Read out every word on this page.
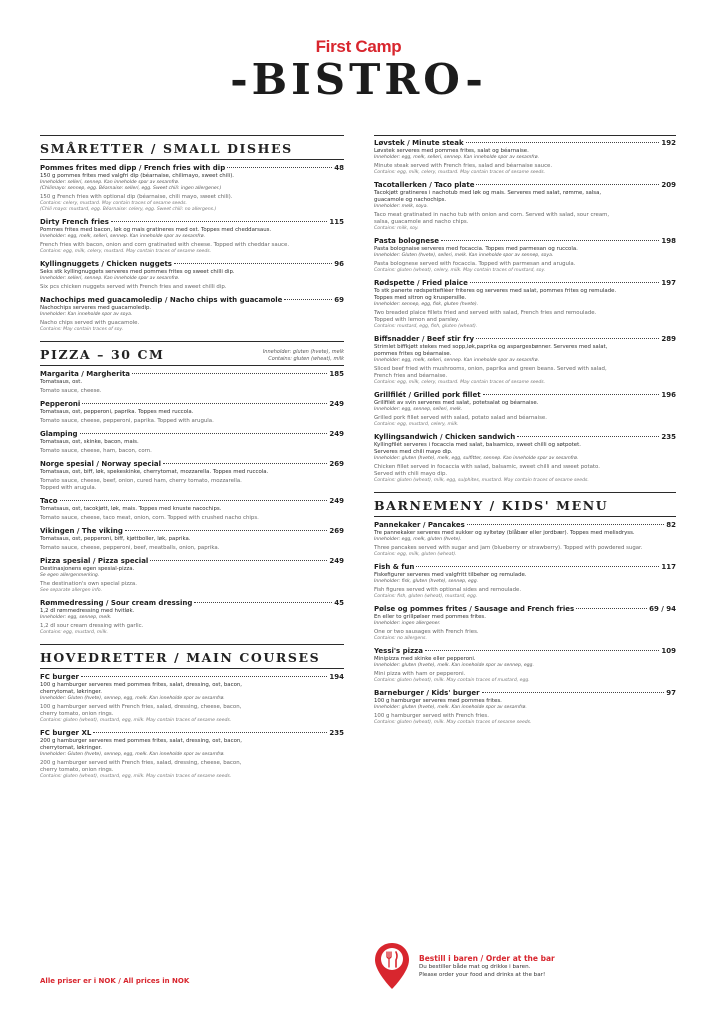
First Camp
-BISTRO-
SMÅRETTER / SMALL DISHES
Pommes frites med dipp / French fries with dip	48
150 g pommes frites med valgfri dip (béarnaise, chilimayo, sweet chili).
Inneholder: selleri, sennep. Kan inneholde spor av sesamfrø.
(Chilimayo: sennep, egg. Béarnaise: selleri, egg. Sweet chili: ingen allergener.)
150 g French fries with optional dip (béarnaise, chili mayo, sweet chili).
Contains: celery, mustard. May contain traces of sesame seeds.
(Chili mayo: mustard, egg. Béarnaise: celery, egg. Sweet chili: no allergens.)
Dirty French fries	115
Pommes frites med bacon, løk og mais gratineres med ost. Toppes med cheddarsaus.
Inneholder: egg, melk, selleri, sennep. Kan inneholde spor av sesamfrø.
French fries with bacon, onion and corn gratinated with cheese. Topped with cheddar sauce.
Contains: egg, milk, celery, mustard. May contain traces of sesame seeds.
Kyllingnuggets / Chicken nuggets	96
Seks stk kyllingnuggets serveres med pommes frites og sweet chilli dip.
Inneholder: selleri, sennep. Kan inneholde spor av sesamfrø.
Six pcs chicken nuggets served with French fries and sweet chilli dip.
Nachochips med guacamoledip / Nacho chips with guacamole	69
Nachochips serveres med guacamoledip.
Inneholder: Kan inneholde spor av soya.
Nacho chips served with guacamole.
Contains: May contain traces of soy.
PIZZA – 30 CM	Inneholder: gluten (hvete), melk
Contains: gluten (wheat), milk
Margarita / Margherita	185
Tomatsaus, ost.
Tomato sauce, cheese.
Pepperoni	249
Tomatsaus, ost, pepperoni, paprika. Toppes med ruccola.
Tomato sauce, cheese, pepperoni, paprika. Topped with arugula.
Glamping	249
Tomatsaus, ost, skinke, bacon, mais.
Tomato sauce, cheese, ham, bacon, corn.
Norge spesial / Norway special	269
Tomatsaus, ost, biff, løk, spekeskinke, cherrytomat, mozzarella. Toppes med ruccola.
Tomato sauce, cheese, beef, onion, cured ham, cherry tomato, mozzarella.
Topped with arugula.
Taco	249
Tomatsaus, ost, tacokjøtt, løk, mais. Toppes med knuste nacochips.
Tomato sauce, cheese, taco meat, onion, corn. Topped with crushed nacho chips.
Vikingen / The viking	269
Tomatsaus, ost, pepperoni, biff, kjøttboller, løk, paprika.
Tomato sauce, cheese, pepperoni, beef, meatballs, onion, paprika.
Pizza spesial / Pizza special	249
Destinasjonens egen spesial-pizza.
Se egen allergenmerking.
The destination's own special pizza.
See separate allergen info.
Rømmedressing / Sour cream dressing	45
1,2 dl rømmedressing med hvitløk.
Inneholder: egg, sennep, melk.
1,2 dl sour cream dressing with garlic.
Contains: egg, mustard, milk.
HOVEDRETTER / MAIN COURSES
FC burger	194
100 g hamburger serveres med pommes frites, salat, dressing, ost, bacon,
cherrytomat, løkringer.
Inneholder: Gluten (hvete), sennep, egg, melk. Kan inneholde spor av sesamfrø.
100 g hamburger served with French fries, salad, dressing, cheese, bacon,
cherry tomato, onion rings.
Contains: gluten (wheat), mustard, egg, milk. May contain traces of sesame seeds.
FC burger XL	235
200 g hamburger serveres med pommes frites, salat, dressing, ost, bacon,
cherrytomat, løkringer.
Inneholder: Gluten (hvete), sennep, egg, melk. Kan inneholde spor av sesamfrø.
200 g hamburger served with French fries, salad, dressing, cheese, bacon,
cherry tomato, onion rings.
Contains: gluten (wheat), mustard, egg, milk. May contain traces of sesame seeds.
Løvstek / Minute steak	192
Løvstek serveres med pommes frites, salat og béarnaise.
Inneholder: egg, melk, selleri, sennep. Kan inneholde spor av sesamfrø.
Minute steak served with French fries, salad and béarnaise sauce.
Contains: egg, milk, celery, mustard. May contain traces of sesame seeds.
Tacotallerken / Taco plate	209
Tacokjøtt gratineres i nachotub med løk og mais. Serveres med salat, rømme, salsa,
guacamole og nachochips.
Inneholder: melk, soya.
Taco meat gratinated in nacho tub with onion and corn. Served with salad, sour cream,
salsa, guacamole and nacho chips.
Contains: milk, soy.
Pasta bolognese	198
Pasta bolognaise serveres med focaccia. Toppes med parmesan og ruccola.
Inneholder: Gluten (hvete), selleri, melk. Kan inneholde spor av sennep, soya.
Pasta bolognese served with focaccia. Topped with parmesan and arugula.
Contains: gluten (wheat), celery, milk. May contain traces of mustard, soy.
Rødspette / Fried plaice	197
To stk panerte rødspettefiléer friteres og serveres med salat, pommes frites og remulade.
Toppes med sitron og kruspersille.
Inneholder: sennep, egg, fisk, gluten (hvete).
Two breaded plaice fillets fried and served with salad, French fries and remoulade.
Topped with lemon and parsley.
Contains: mustard, egg, fish, gluten (wheat).
Biffsnadder / Beef stir fry	289
Strimlet biffkjøtt stekes med sopp,løk,paprika og aspargesbønner. Serveres med salat,
pommes frites og béarnaise.
Inneholder: egg, melk, selleri, sennep. Kan inneholde spor av sesamfrø.
Sliced beef fried with mushrooms, onion, paprika and green beans. Served with salad,
French fries and béarnaise.
Contains: egg, milk, celery, mustard. May contain traces of sesame seeds.
Grillfilét / Grilled pork fillet	196
Grillfilét av svin serveres med salat, potetsalat og béarnaise.
Inneholder: egg, sennep, selleri, melk.
Grilled pork fillet served with salad, potato salad and béarnaise.
Contains: egg, mustard, celery, milk.
Kyllingsandwich / Chicken sandwich	235
Kyllingfilét serveres i focaccia med salat, balsamico, sweet chilli og søtpotet.
Serveres med chili mayo dip.
Inneholder: gluten (hvete), melk, egg, sulfitter, sennep. Kan inneholde spor av sesamfrø.
Chicken fillet served in focaccia with salad, balsamic, sweet chilli and sweet potato.
Served with chili mayo dip.
Contains: gluten (wheat), milk, egg, sulphites, mustard. May contain traces of sesame seeds.
BARNEMENY / KIDS' MENU
Pannekaker / Pancakes	82
Tre pannekaker serveres med sukker og syltetøy (blåbær eller jordbær). Toppes med melisdryss.
Inneholder: egg, melk, gluten (hvete).
Three pancakes served with sugar and jam (blueberry or strawberry). Topped with powdered sugar.
Contains: egg, milk, gluten (wheat).
Fish & fun	117
Fiskefigurer serveres med valgfritt tilbehør og remulade.
Inneholder: fisk, gluten (hvete), sennep, egg.
Fish figures served with optional sides and remoulade.
Contains: fish, gluten (wheat), mustard, egg.
Pølse og pommes frites / Sausage and French fries	69 / 94
En eller to grillpølser med pommes frites.
Inneholder: ingen allergener.
One or two sausages with French fries.
Contains: no allergens.
Yessi's pizza	109
Minipizza med skinke eller pepperoni.
Inneholder: gluten (hvete), melk. Kan inneholde spor av sennep, egg.
Mini pizza with ham or pepperoni.
Contains: gluten (wheat), milk. May contain traces of mustard, egg.
Barneburger / Kids' burger	97
100 g hamburger serveres med pommes frites.
Inneholder: gluten (hvete), melk. Kan inneholde spor av sesamfrø.
100 g hamburger served with French fries.
Contains: gluten (wheat), milk. May contain traces of sesame seeds.
Alle priser er i NOK / All prices in NOK
Bestill i baren / Order at the bar
Du bestiller både mat og drikke i baren.
Please order your food and drinks at the bar!
